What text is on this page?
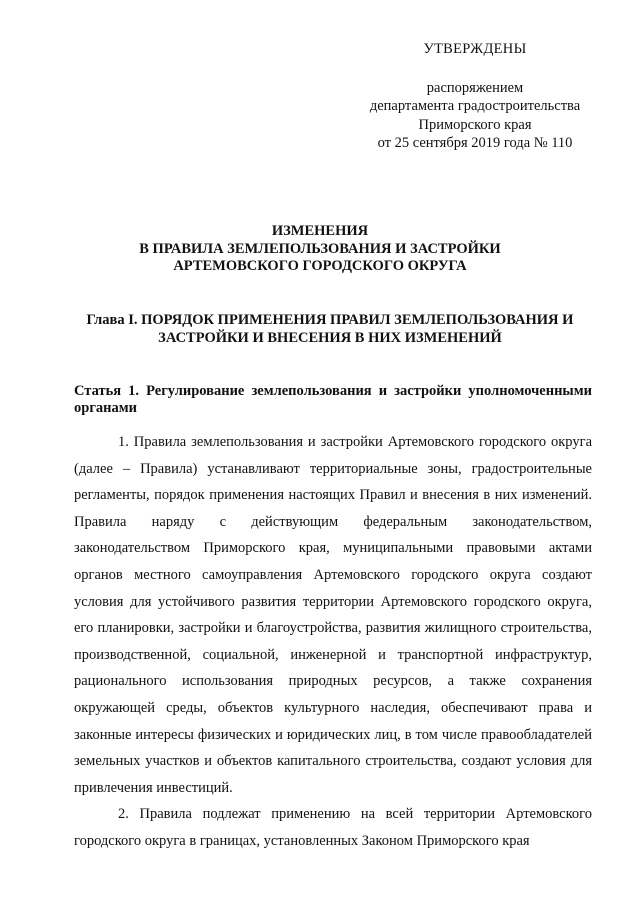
УТВЕРЖДЕНЫ
распоряжением
департамента градостроительства
Приморского края
от 25 сентября 2019 года № 110
ИЗМЕНЕНИЯ
В ПРАВИЛА ЗЕМЛЕПОЛЬЗОВАНИЯ И ЗАСТРОЙКИ
АРТЕМОВСКОГО ГОРОДСКОГО ОКРУГА
Глава I. ПОРЯДОК ПРИМЕНЕНИЯ ПРАВИЛ ЗЕМЛЕПОЛЬЗОВАНИЯ И ЗАСТРОЙКИ И ВНЕСЕНИЯ В НИХ ИЗМЕНЕНИЙ
Статья 1. Регулирование землепользования и застройки уполномоченными органами

1. Правила землепользования и застройки Артемовского городского округа (далее – Правила) устанавливают территориальные зоны, градостроительные регламенты, порядок применения настоящих Правил и внесения в них изменений. Правила наряду с действующим федеральным законодательством, законодательством Приморского края, муниципальными правовыми актами органов местного самоуправления Артемовского городского округа создают условия для устойчивого развития территории Артемовского городского округа, его планировки, застройки и благоустройства, развития жилищного строительства, производственной, социальной, инженерной и транспортной инфраструктур, рационального использования природных ресурсов, а также сохранения окружающей среды, объектов культурного наследия, обеспечивают права и законные интересы физических и юридических лиц, в том числе правообладателей земельных участков и объектов капитального строительства, создают условия для привлечения инвестиций.

2. Правила подлежат применению на всей территории Артемовского городского округа в границах, установленных Законом Приморского края
